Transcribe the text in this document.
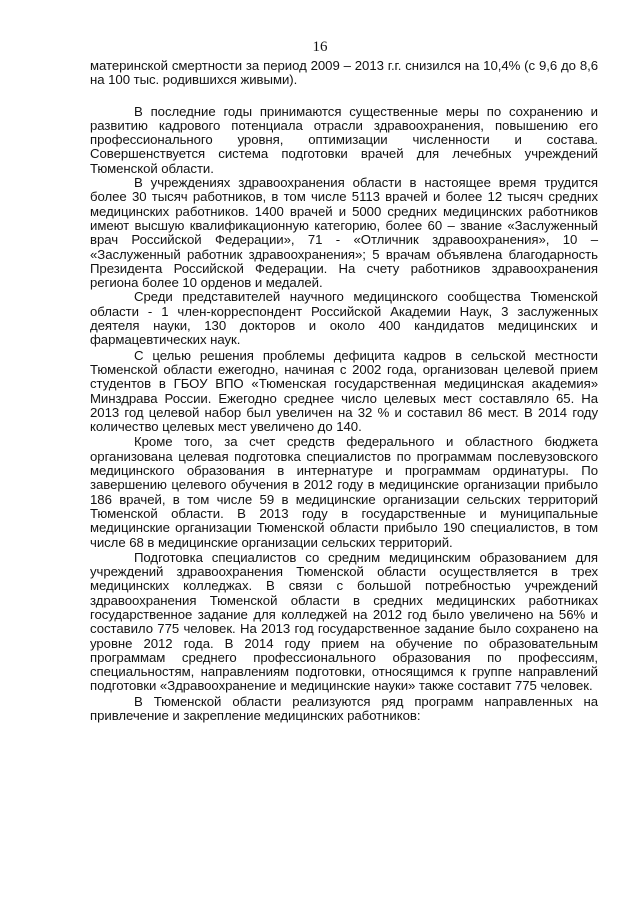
16

материнской смертности за период 2009 – 2013 г.г. снизился на 10,4% (с 9,6 до 8,6 на 100 тыс. родившихся живыми).

В последние годы принимаются существенные меры по сохранению и развитию кадрового потенциала отрасли здравоохранения, повышению его профессионального уровня, оптимизации численности и состава. Совершенствуется система подготовки врачей для лечебных учреждений Тюменской области.

В учреждениях здравоохранения области в настоящее время трудится более 30 тысяч работников, в том числе 5113 врачей и более 12 тысяч средних медицинских работников. 1400 врачей и 5000 средних медицинских работников имеют высшую квалификационную категорию, более 60 – звание «Заслуженный врач Российской Федерации», 71 - «Отличник здравоохранения», 10 – «Заслуженный работник здравоохранения»; 5 врачам объявлена благодарность Президента Российской Федерации. На счету работников здравоохранения региона более 10 орденов и медалей.

Среди представителей научного медицинского сообщества Тюменской области - 1 член-корреспондент Российской Академии Наук, 3 заслуженных деятеля науки, 130 докторов и около 400 кандидатов медицинских и фармацевтических наук.

С целью решения проблемы дефицита кадров в сельской местности Тюменской области ежегодно, начиная с 2002 года, организован целевой прием студентов в ГБОУ ВПО «Тюменская государственная медицинская академия» Минздрава России. Ежегодно среднее число целевых мест составляло 65. На 2013 год целевой набор был увеличен на 32 % и составил 86 мест. В 2014 году количество целевых мест увеличено до 140.

Кроме того, за счет средств федерального и областного бюджета организована целевая подготовка специалистов по программам послевузовского медицинского образования в интернатуре и программам ординатуры. По завершению целевого обучения в 2012 году в медицинские организации прибыло 186 врачей, в том числе 59 в медицинские организации сельских территорий Тюменской области. В 2013 году в государственные и муниципальные медицинские организации Тюменской области прибыло 190 специалистов, в том числе 68 в медицинские организации сельских территорий.

Подготовка специалистов со средним медицинским образованием для учреждений здравоохранения Тюменской области осуществляется в трех медицинских колледжах. В связи с большой потребностью учреждений здравоохранения Тюменской области в средних медицинских работниках государственное задание для колледжей на 2012 год было увеличено на 56% и составило 775 человек. На 2013 год государственное задание было сохранено на уровне 2012 года. В 2014 году прием на обучение по образовательным программам среднего профессионального образования по профессиям, специальностям, направлениям подготовки, относящимся к группе направлений подготовки «Здравоохранение и медицинские науки» также составит 775 человек.

В Тюменской области реализуются ряд программ направленных на привлечение и закрепление медицинских работников:
